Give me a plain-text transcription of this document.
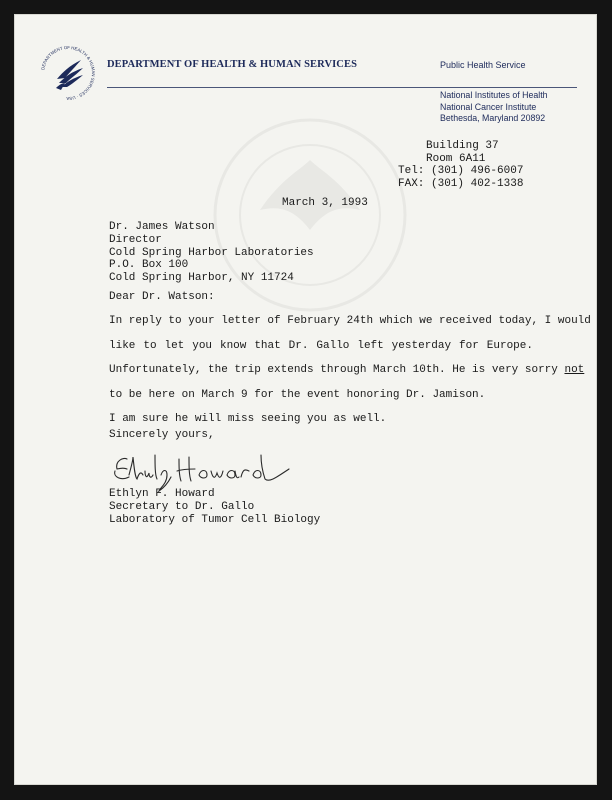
DEPARTMENT OF HEALTH & HUMAN SERVICES · USA
DEPARTMENT OF HEALTH & HUMAN SERVICES	Public Health Service
National Institutes of Health
National Cancer Institute
Bethesda, Maryland 20892
Building 37
Room 6A11
Tel: (301) 496-6007
FAX: (301) 402-1338
March 3, 1993
Dr. James Watson
Director
Cold Spring Harbor Laboratories
P.O. Box 100
Cold Spring Harbor, NY 11724
Dear Dr. Watson:
In reply to your letter of February 24th which we received today, I would
like to let you know that Dr. Gallo left yesterday for Europe.
Unfortunately, the trip extends through March 10th. He is very sorry not
to be here on March 9 for the event honoring Dr. Jamison.
I am sure he will miss seeing you as well.
Sincerely yours,
Ethlyn Howard
Ethlyn F. Howard
Secretary to Dr. Gallo
Laboratory of Tumor Cell Biology
